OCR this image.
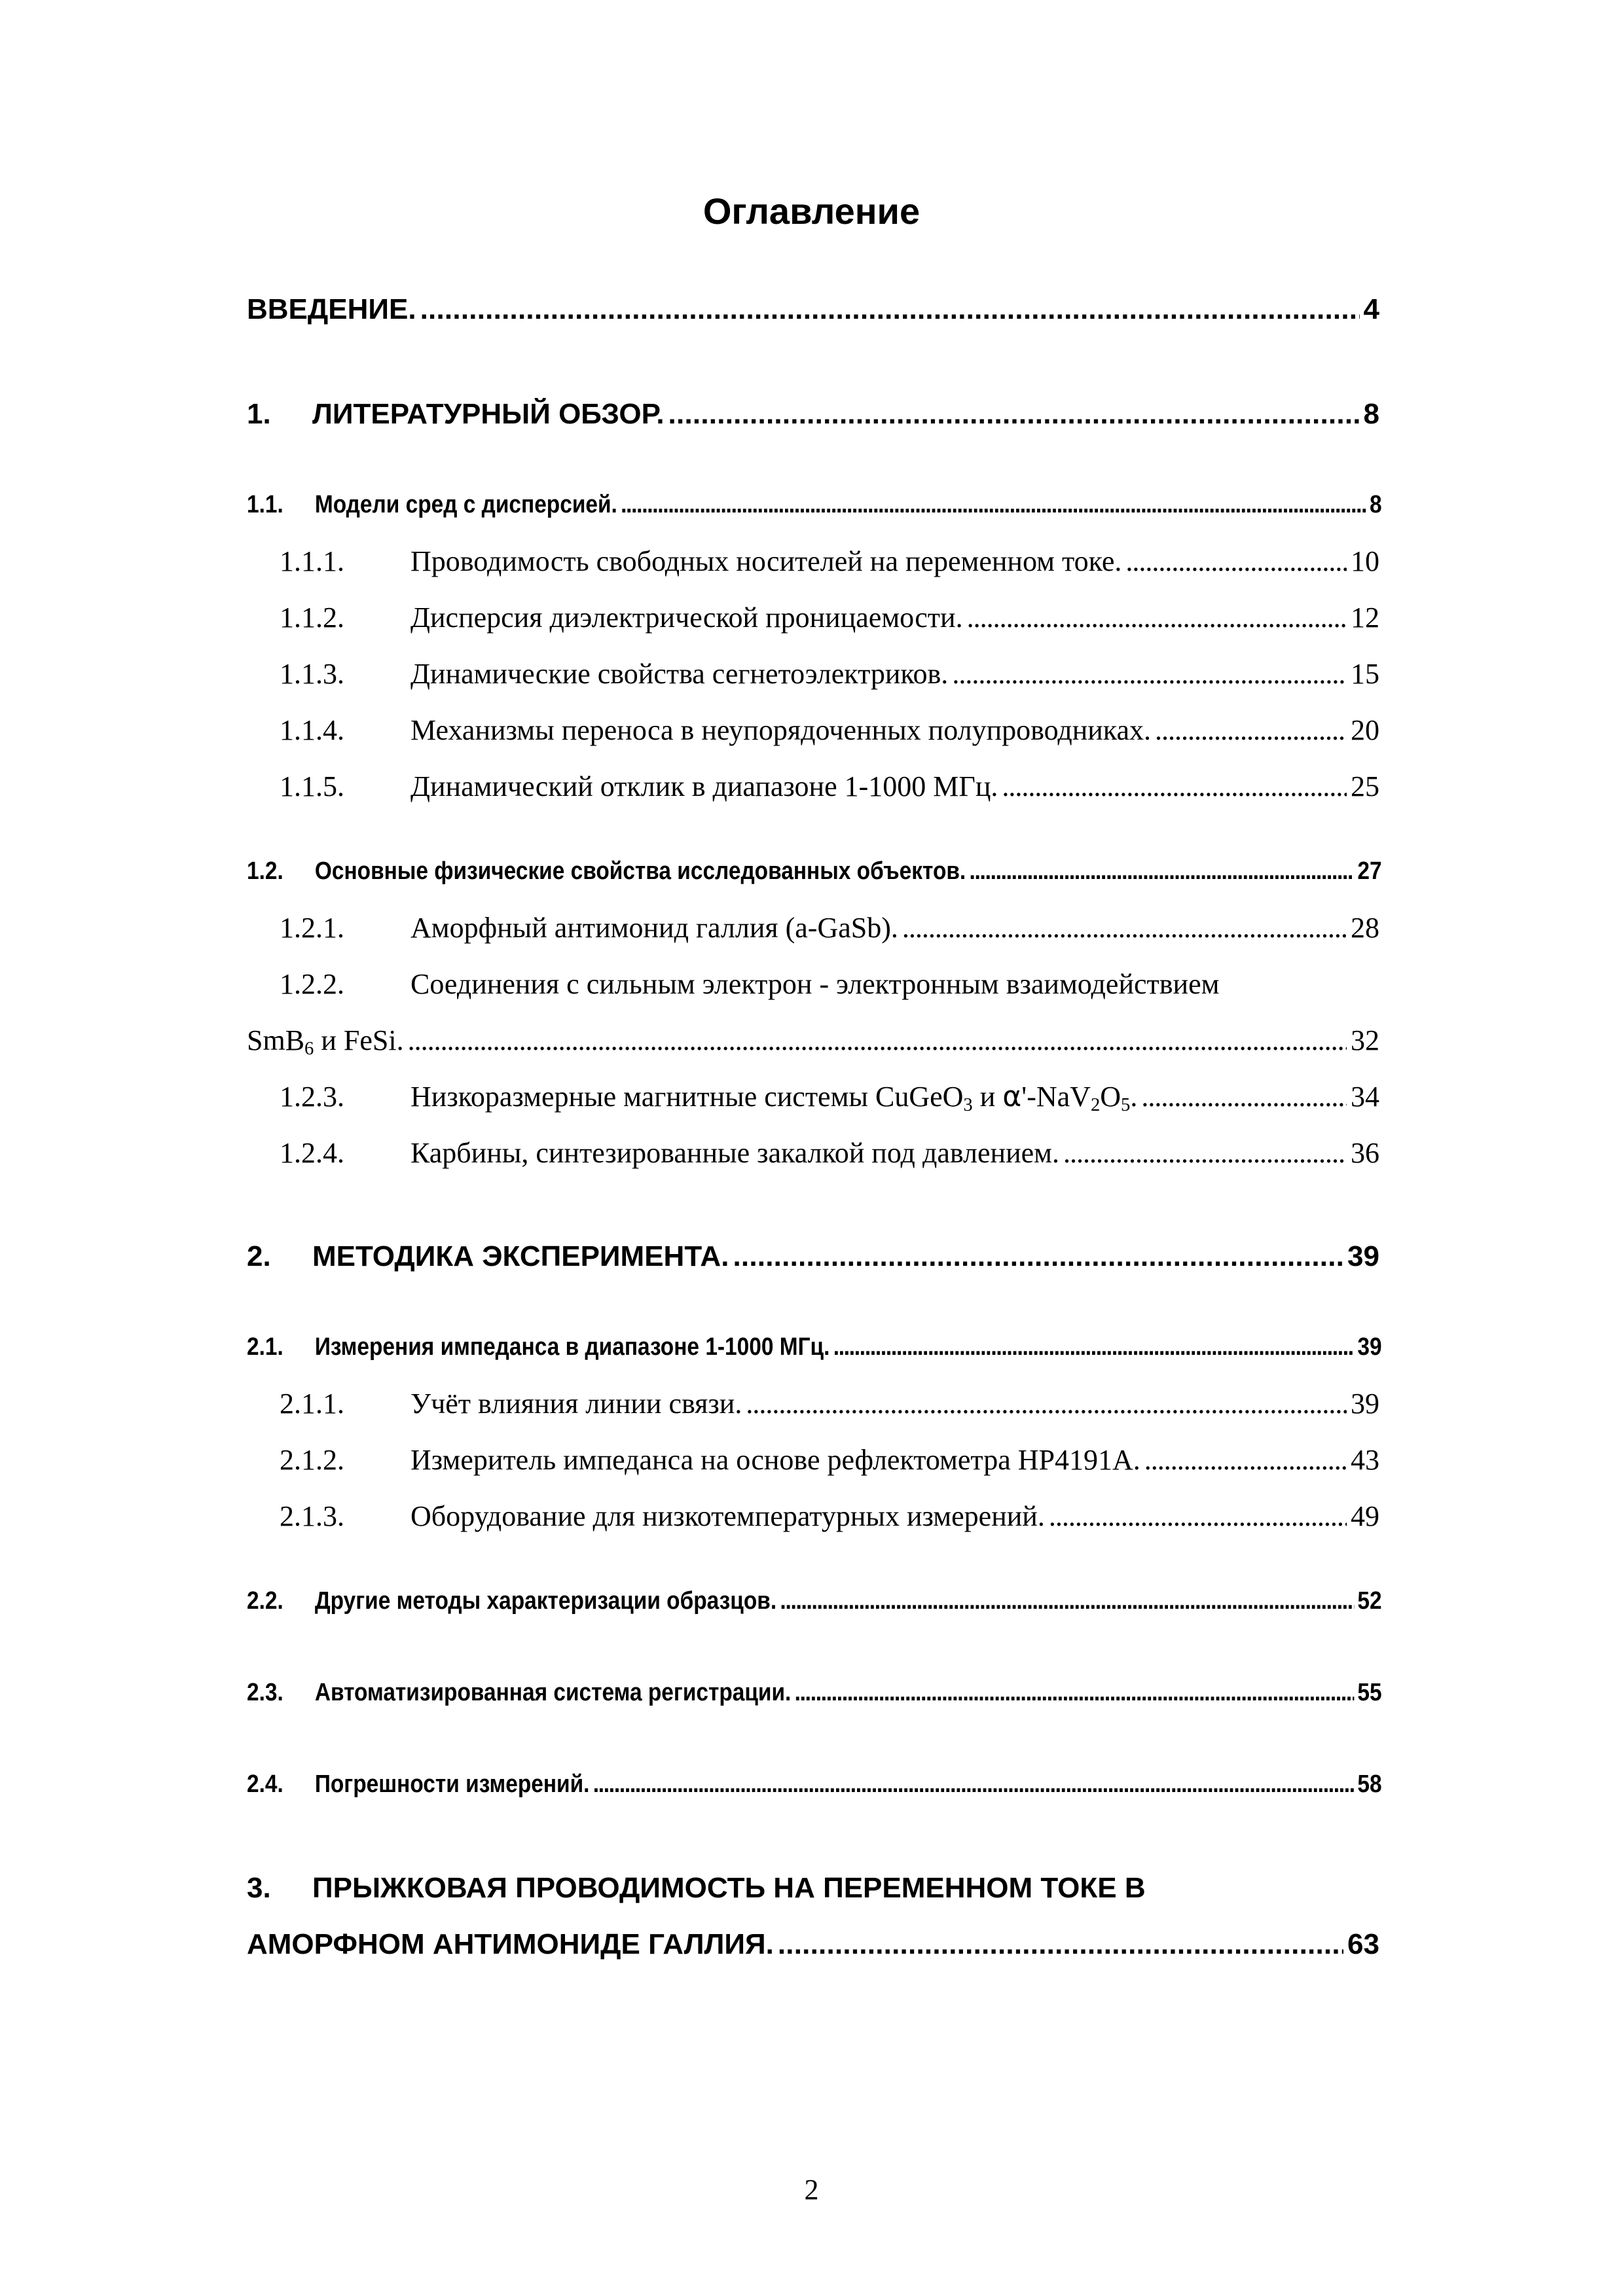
Оглавление
ВВЕДЕНИЕ. . . .	4
1.	ЛИТЕРАТУРНЫЙ ОБЗОР. . . .	8
1.1.	Модели сред с дисперсией. . . .	8
1.1.1.	Проводимость свободных носителей на переменном токе. . . .	10
1.1.2.	Дисперсия диэлектрической проницаемости. . . .	12
1.1.3.	Динамические свойства сегнетоэлектриков. . . .	15
1.1.4.	Механизмы переноса в неупорядоченных полупроводниках. . . .	20
1.1.5.	Динамический отклик в диапазоне 1-1000 МГц. . . .	25
1.2.	Основные физические свойства исследованных объектов. . . .	27
1.2.1.	Аморфный антимонид галлия (a-GaSb). . . .	28
1.2.2. Соединения с сильным электрон - электронным взаимодействием
SmB$_6$ и FeSi. . . .	32
1.2.3.	Низкоразмерные магнитные системы CuGeO$_3$ и $\alpha'-NaV_2O_5$. . . .	34
1.2.4.	Карбины, синтезированные закалкой под давлением. . . .	36
2.	МЕТОДИКА ЭКСПЕРИМЕНТА. . . .	39
2.1.	Измерения импеданса в диапазоне 1-1000 МГц. . . .	39
2.1.1.	Учёт влияния линии связи. . . .	39
2.1.2.	Измеритель импеданса на основе рефлектометра HP4191A. . . .	43
2.1.3.	Оборудование для низкотемпературных измерений. . . .	49
2.2.	Другие методы характеризации образцов. . . .	52
2.3.	Автоматизированная система регистрации. . . .	55
2.4.	Погрешности измерений. . . .	58
3. ПРЫЖКОВАЯ ПРОВОДИМОСТЬ НА ПЕРЕМЕННОМ ТОКЕ В
АМОРФНОМ АНТИМОНИДЕ ГАЛЛИЯ. . . .	63
2
